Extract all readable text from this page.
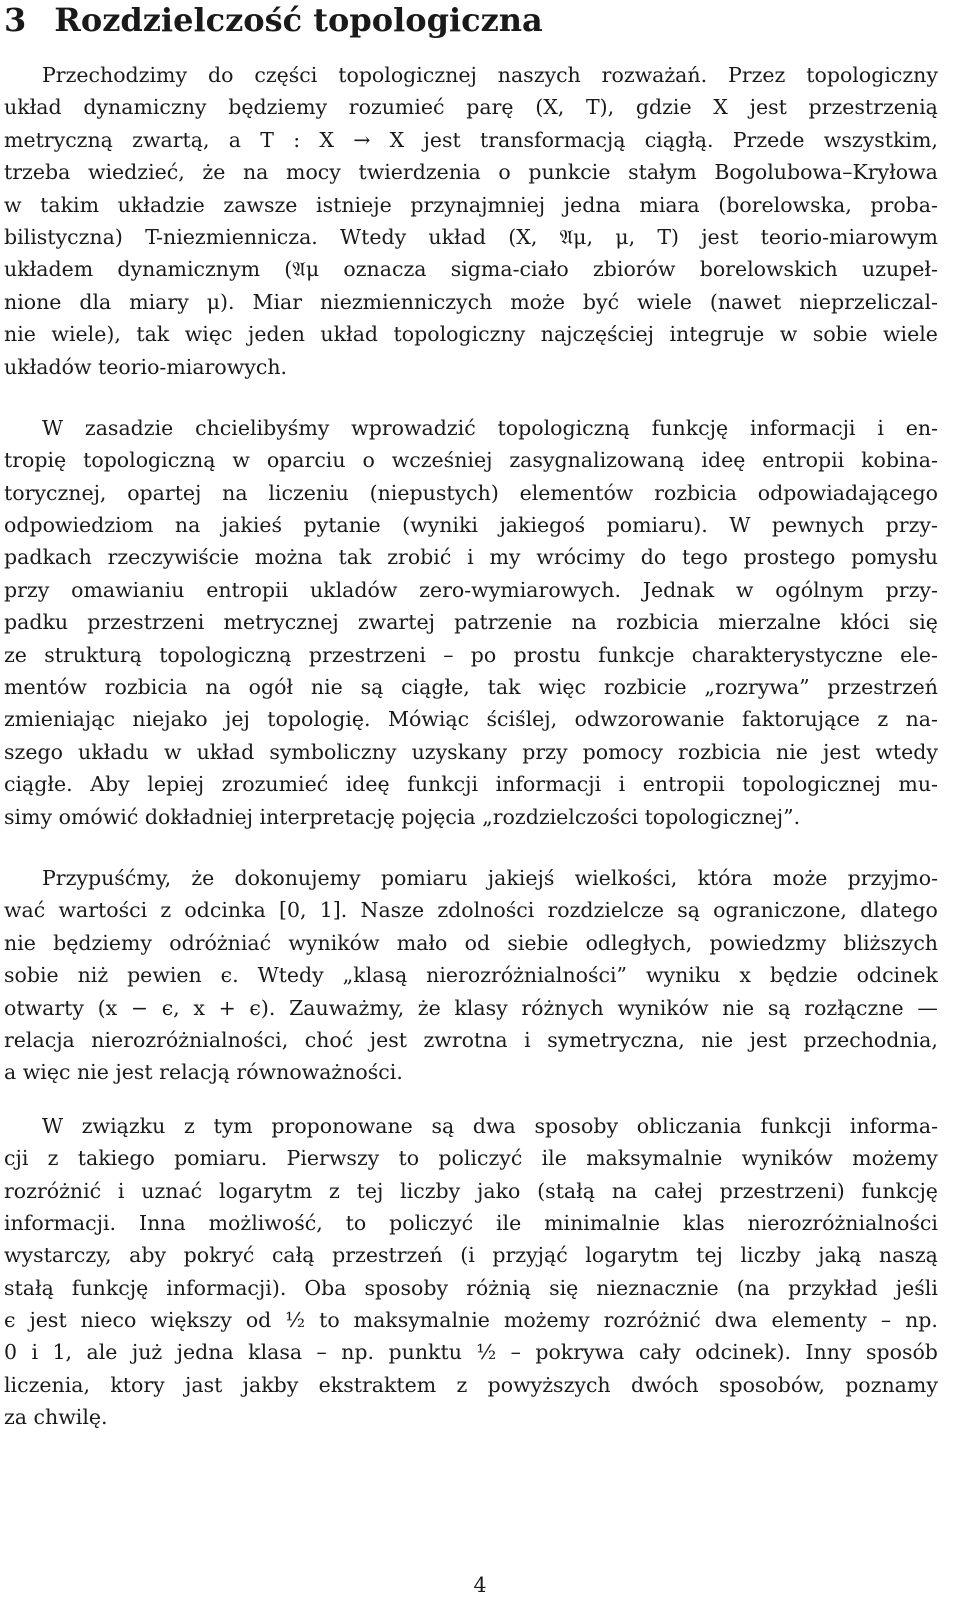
3 Rozdzielczość topologiczna
Przechodzimy do części topologicznej naszych rozważań. Przez topologiczny
układ dynamiczny będziemy rozumieć parę (X, T), gdzie X jest przestrzenią
metryczną zwartą, a T : X → X jest transformacją ciągłą. Przede wszystkim,
trzeba wiedzieć, że na mocy twierdzenia o punkcie stałym Bogolubowa–Kryłowa
w takim układzie zawsze istnieje przynajmniej jedna miara (borelowska, proba-
bilistyczna) T-niezmiennicza. Wtedy układ (X, 𝔄μ, μ, T) jest teorio-miarowym
układem dynamicznym (𝔄μ oznacza sigma-ciało zbiorów borelowskich uzupeł-
nione dla miary μ). Miar niezmienniczych może być wiele (nawet nieprzeliczal-
nie wiele), tak więc jeden układ topologiczny najczęściej integruje w sobie wiele
układów teorio-miarowych.
W zasadzie chcielibyśmy wprowadzić topologiczną funkcję informacji i en-
tropię topologiczną w oparciu o wcześniej zasygnalizowaną ideę entropii kobina-
torycznej, opartej na liczeniu (niepustych) elementów rozbicia odpowiadającego
odpowiedziom na jakieś pytanie (wyniki jakiegoś pomiaru). W pewnych przy-
padkach rzeczywiście można tak zrobić i my wrócimy do tego prostego pomysłu
przy omawianiu entropii ukladów zero-wymiarowych. Jednak w ogólnym przy-
padku przestrzeni metrycznej zwartej patrzenie na rozbicia mierzalne kłóci się
ze strukturą topologiczną przestrzeni – po prostu funkcje charakterystyczne ele-
mentów rozbicia na ogół nie są ciągłe, tak więc rozbicie „rozrywa” przestrzeń
zmieniając niejako jej topologię. Mówiąc ściślej, odwzorowanie faktorujące z na-
szego układu w układ symboliczny uzyskany przy pomocy rozbicia nie jest wtedy
ciągłe. Aby lepiej zrozumieć ideę funkcji informacji i entropii topologicznej mu-
simy omówić dokładniej interpretację pojęcia „rozdzielczości topologicznej”.
Przypuśćmy, że dokonujemy pomiaru jakiejś wielkości, która może przyjmo-
wać wartości z odcinka [0, 1]. Nasze zdolności rozdzielcze są ograniczone, dlatego
nie będziemy odróżniać wyników mało od siebie odległych, powiedzmy bliższych
sobie niż pewien ϵ. Wtedy „klasą nierozróżnialności” wyniku x będzie odcinek
otwarty (x − ϵ, x + ϵ). Zauważmy, że klasy różnych wyników nie są rozłączne —
relacja nierozróżnialności, choć jest zwrotna i symetryczna, nie jest przechodnia,
a więc nie jest relacją równoważności.
W związku z tym proponowane są dwa sposoby obliczania funkcji informa-
cji z takiego pomiaru. Pierwszy to policzyć ile maksymalnie wyników możemy
rozróżnić i uznać logarytm z tej liczby jako (stałą na całej przestrzeni) funkcję
informacji. Inna możliwość, to policzyć ile minimalnie klas nierozróżnialności
wystarczy, aby pokryć całą przestrzeń (i przyjąć logarytm tej liczby jaką naszą
stałą funkcję informacji). Oba sposoby różnią się nieznacznie (na przykład jeśli
ϵ jest nieco większy od ½ to maksymalnie możemy rozróżnić dwa elementy – np.
0 i 1, ale już jedna klasa – np. punktu ½ – pokrywa cały odcinek). Inny sposób
liczenia, ktory jast jakby ekstraktem z powyższych dwóch sposobów, poznamy
za chwilę.
4
